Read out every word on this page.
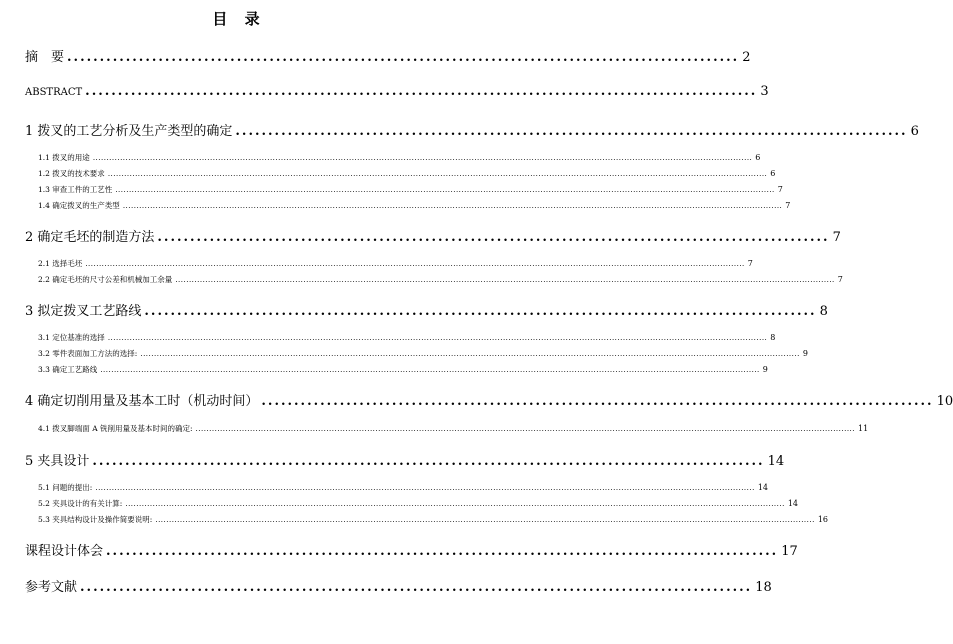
目 录
摘　要 ....................................................................................................... 2
ABSTRACT ....................................................................................................... 3
1 拨叉的工艺分析及生产类型的确定 ....................................................................................................... 6
1.1 拨叉的用途 .................................................................................................................................................................................................................................................. 6
1.2 拨叉的技术要求 .................................................................................................................................................................................................................................................. 6
1.3 审查工件的工艺性 .................................................................................................................................................................................................................................................. 7
1.4 确定拨叉的生产类型 .................................................................................................................................................................................................................................................. 7
2 确定毛坯的制造方法 ....................................................................................................... 7
2.1 选择毛坯 .................................................................................................................................................................................................................................................. 7
2.2 确定毛坯的尺寸公差和机械加工余量 .................................................................................................................................................................................................................................................. 7
3 拟定拨叉工艺路线 ....................................................................................................... 8
3.1 定位基准的选择 .................................................................................................................................................................................................................................................. 8
3.2 零件表面加工方法的选择: .................................................................................................................................................................................................................................................. 9
3.3 确定工艺路线 .................................................................................................................................................................................................................................................. 9
4 确定切削用量及基本工时（机动时间） ....................................................................................................... 10
4.1 拨叉脚端面 A 铣削用量及基本时间的确定: .................................................................................................................................................................................................................................................. 11
5 夹具设计 ....................................................................................................... 14
5.1 问题的提出: .................................................................................................................................................................................................................................................. 14
5.2 夹具设计的有关计算: .................................................................................................................................................................................................................................................. 14
5.3 夹具结构设计及操作简要说明: .................................................................................................................................................................................................................................................. 16
课程设计体会 ....................................................................................................... 17
参考文献 ....................................................................................................... 18
